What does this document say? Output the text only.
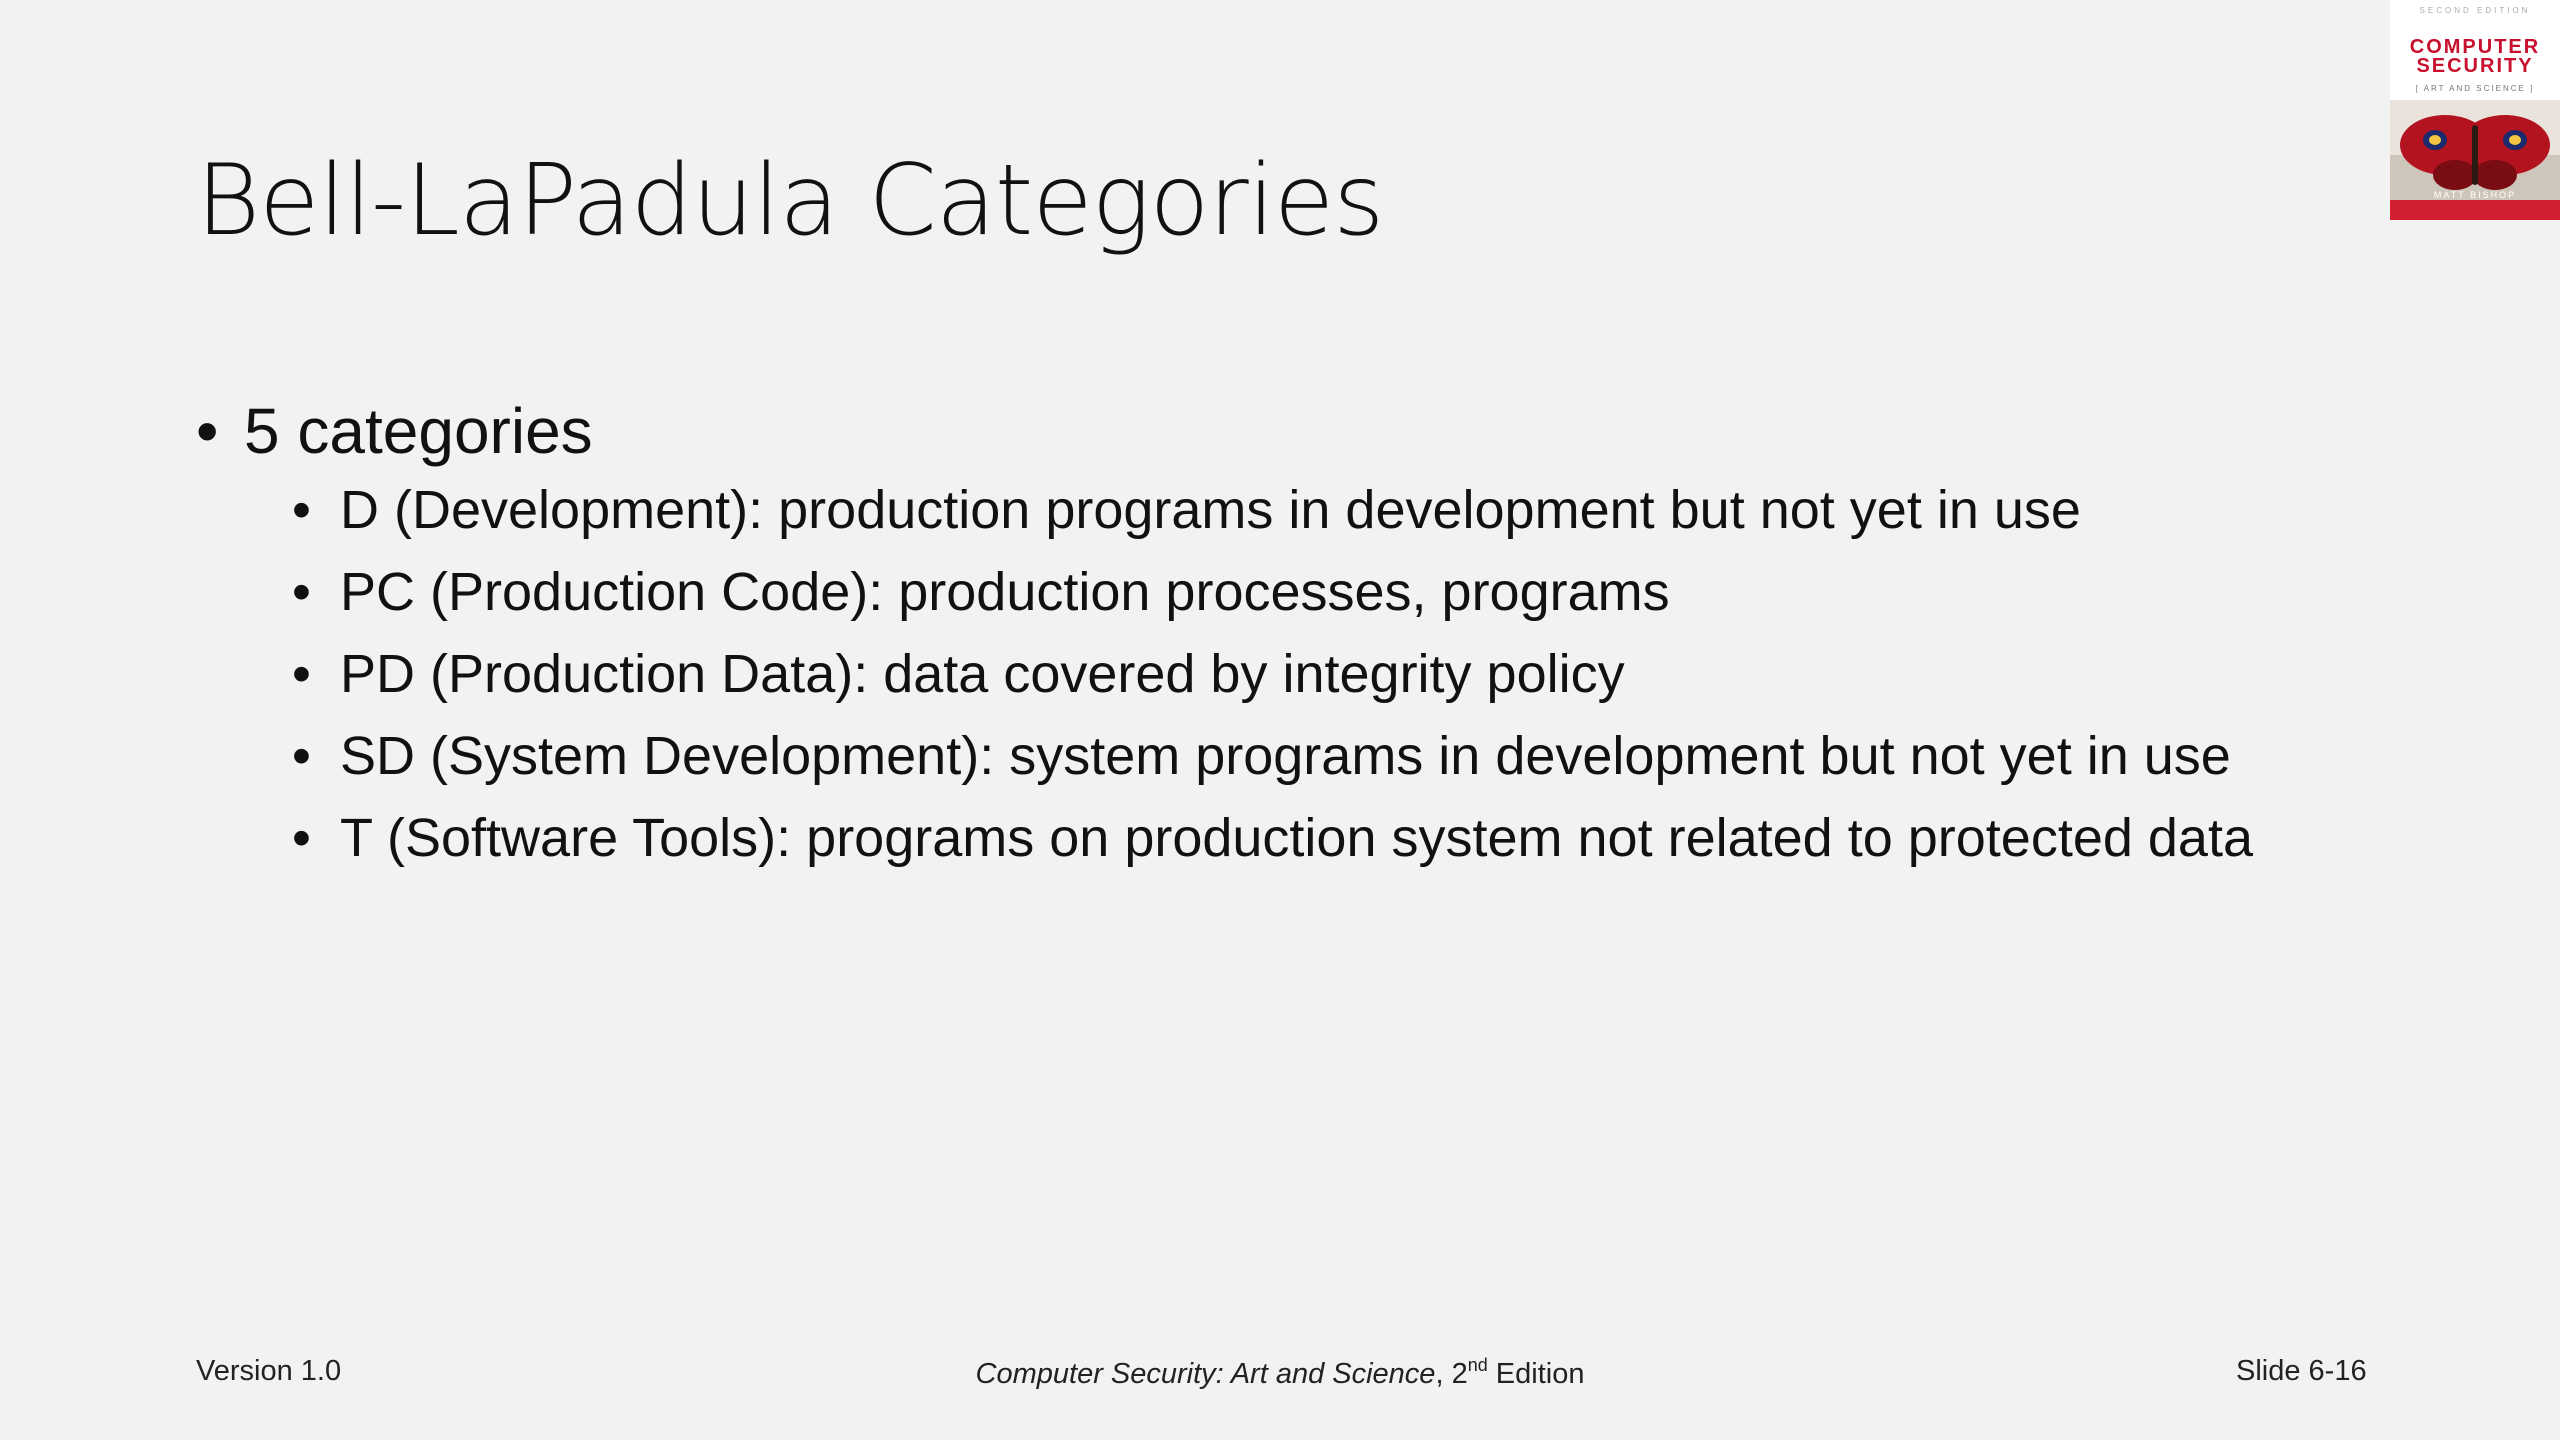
Bell-LaPadula Categories
• 5 categories
• D (Development): production programs in development but not yet in use
• PC (Production Code): production processes, programs
• PD (Production Data): data covered by integrity policy
• SD (System Development): system programs in development but not yet in use
• T (Software Tools): programs on production system not related to protected data
SECOND EDITION
COMPUTER
SECURITY
[ ART AND SCIENCE ]
MATT BISHOP
Version 1.0	Computer Security: Art and Science, 2nd Edition	Slide 6-16
